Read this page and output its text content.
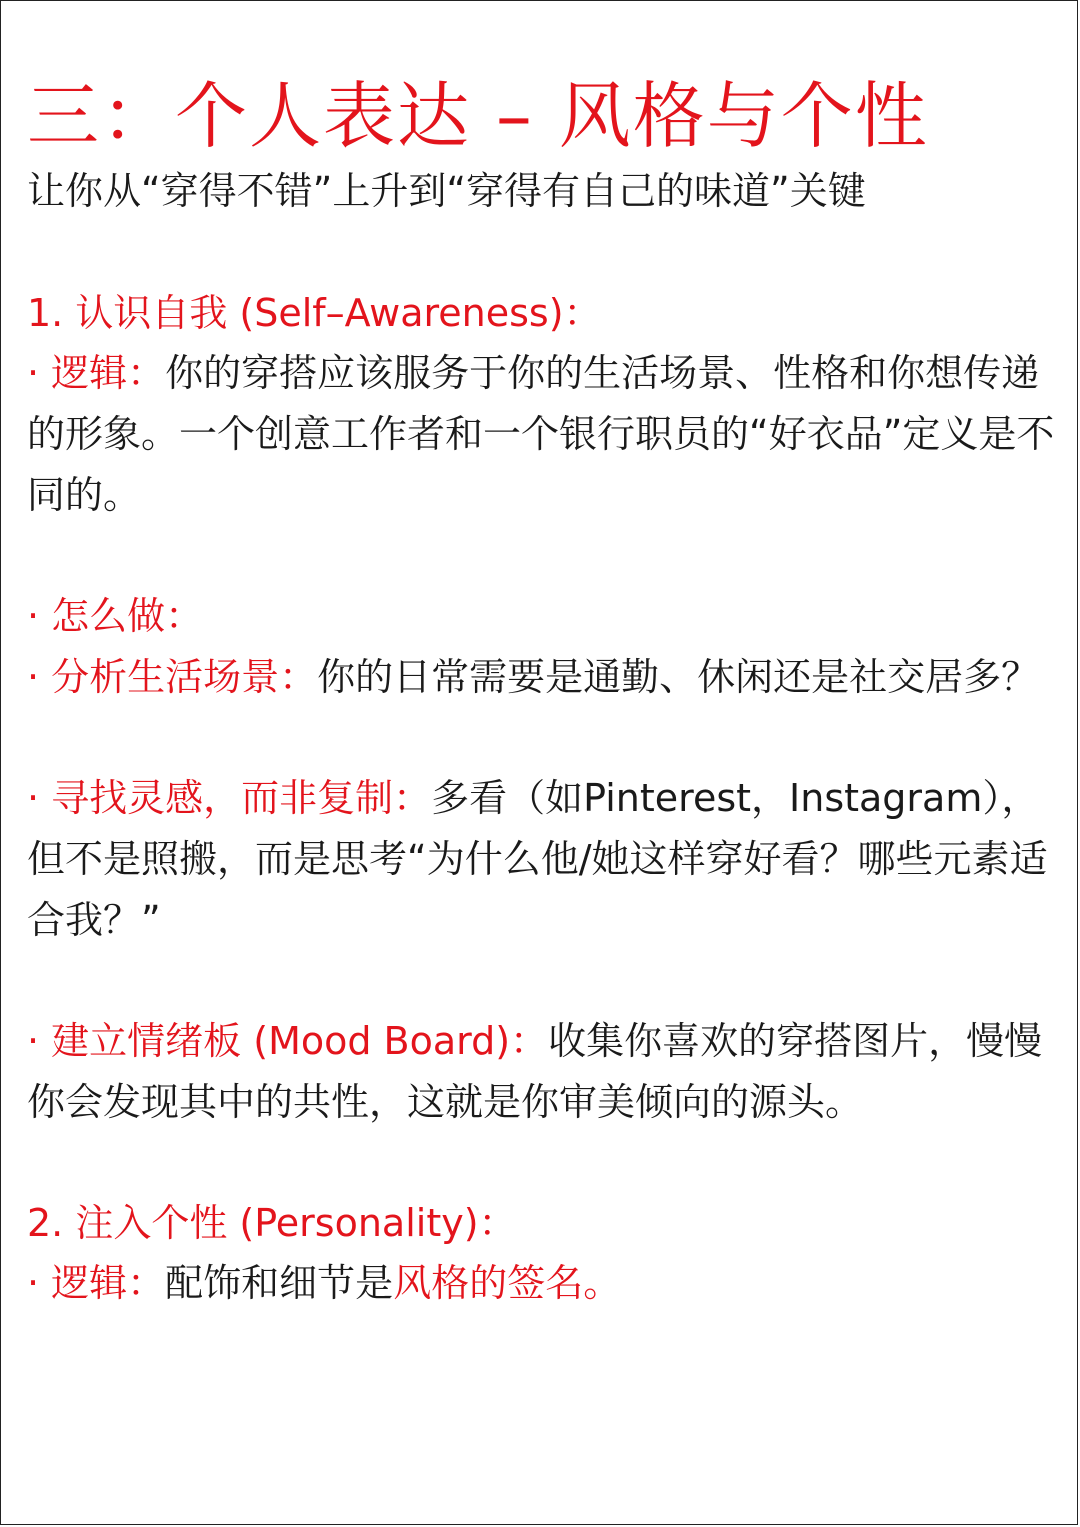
三：个人表达 – 风格与个性

让你从“穿得不错”上升到“穿得有自己的味道”关键

1. 认识自我 (Self–Awareness)：

· 逻辑：你的穿搭应该服务于你的生活场景、性格和你想传递的形象。一个创意工作者和一个银行职员的“好衣品”定义是不同的。

· 怎么做：

· 分析生活场景：你的日常需要是通勤、休闲还是社交居多？

· 寻找灵感，而非复制：多看（如Pinterest，Instagram），但不是照搬，而是思考“为什么他/她这样穿好看？哪些元素适合我？”

· 建立情绪板 (Mood Board)：收集你喜欢的穿搭图片，慢慢你会发现其中的共性，这就是你审美倾向的源头。

2. 注入个性 (Personality)：

· 逻辑：配饰和细节是风格的签名。
